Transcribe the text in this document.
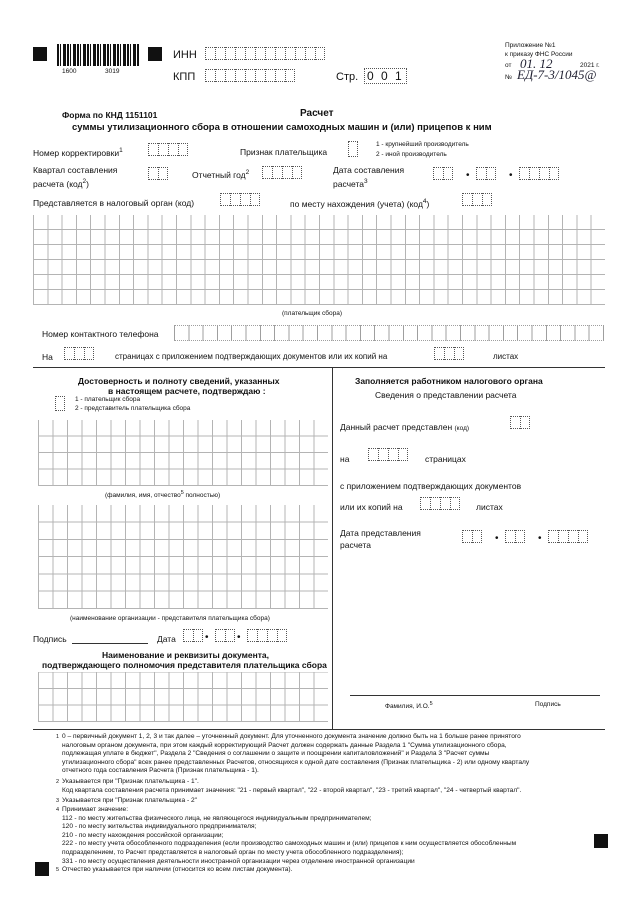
1600	3019
ИНН
КПП	Стр. 0 0 1
Приложение №1
к приказу ФНС России
от 01. 12	2021 г.
№ ЕД-7-3/1045@
Форма по КНД 1151101	Расчет
суммы утилизационного сбора в отношении самоходных машин и (или) прицепов к ним
Номер корректировки$^1$	Признак плательщика
1 - крупнейший производитель
2 - иной производитель
Квартал составления
расчета (код$^2$)
Отчетный год$^2$	Дата составления
расчета$^3$
•	•
Представляется в налоговый орган (код)	по месту нахождения (учета) (код$^4$)
(плательщик сбора)
Номер контактного телефона
На	страницах с приложением подтверждающих документов или их копий на	листах
Достоверность и полноту сведений, указанных
в настоящем расчете, подтверждаю :
1 - плательщик сбора
2 - представитель плательщика сбора
(фамилия, имя, отчество$^5$ полностью)
(наименование организации - представителя плательщика сбора)
Подпись	Дата	•	•
Наименование и реквизиты документа,
подтверждающего полномочия представителя плательщика сбора
Заполняется работником налогового органа
Сведения о представлении расчета
Данный расчет представлен (код)
на	страницах
с приложением подтверждающих документов
или их копий на	листах
Дата представления
расчета
•	•
Фамилия, И.О.$^5$	Подпись
1 0 – первичный документ 1, 2, 3 и так далее – уточненный документ. Для уточненного документа значение должно быть на 1 больше ранее принятого
налоговым органом документа, при этом каждый корректирующий Расчет должен содержать данные Раздела 1 "Сумма утилизационного сбора,
подлежащая уплате в бюджет", Раздела 2 "Сведения о соглашении о защите и поощрении капиталовложений" и Раздела 3 "Расчет суммы
утилизационного сбора" всех ранее представленных Расчетов, относящихся к одной дате составления (Признак плательщика - 2) или одному кварталу
отчетного года составления Расчета (Признак плательщика - 1).
2 Указывается при "Признак плательщика - 1".
Код квартала составления расчета принимает значения: "21 - первый квартал", "22 - второй квартал", "23 - третий квартал", "24 - четвертый квартал".
3 Указывается при "Признак плательщика - 2"
4 Принимает значение:
112 - по месту жительства физического лица, не являющегося индивидуальным предпринимателем;
120 - по месту жительства индивидуального предпринимателя;
210 - по месту нахождения российской организации;
222 - по месту учета обособленного подразделения (если производство самоходных машин и (или) прицепов к ним осуществляется обособленным
подразделением, то Расчет представляется в налоговый орган по месту учета обособленного подразделения);
331 - по месту осуществления деятельности иностранной организации через отделение иностранной организации
5 Отчество указывается при наличии (относится ко всем листам документа).
